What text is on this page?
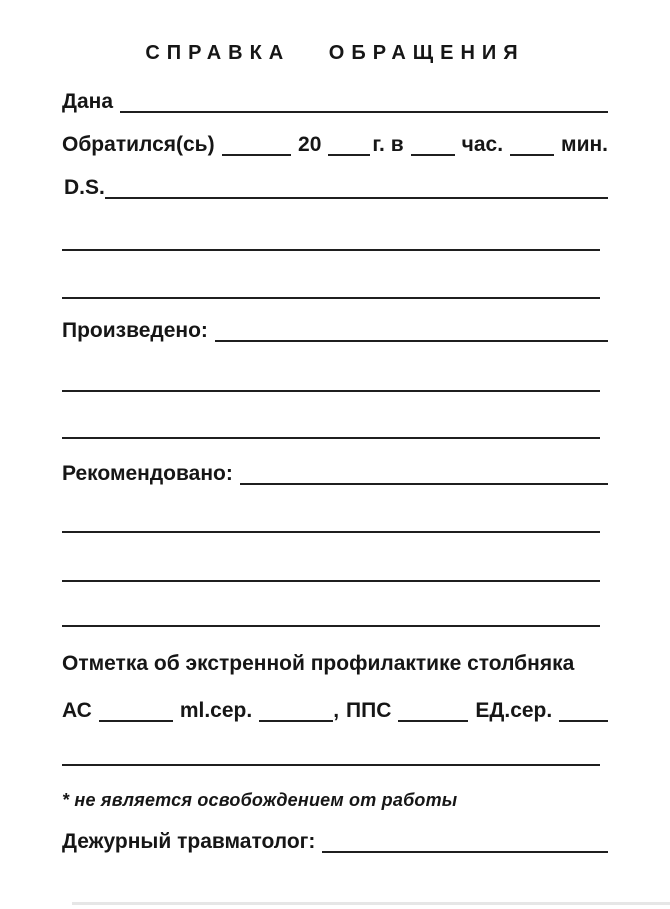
СПРАВКА ОБРАЩЕНИЯ
Дана
Обратился(сь)	20 г. в	час.	мин.
D.S.
Произведено:
Рекомендовано:
Отметка об экстренной профилактике столбняка
АС	ml.сер.	, ППС	ЕД.сер.
* не является освобождением от работы
Дежурный травматолог:
